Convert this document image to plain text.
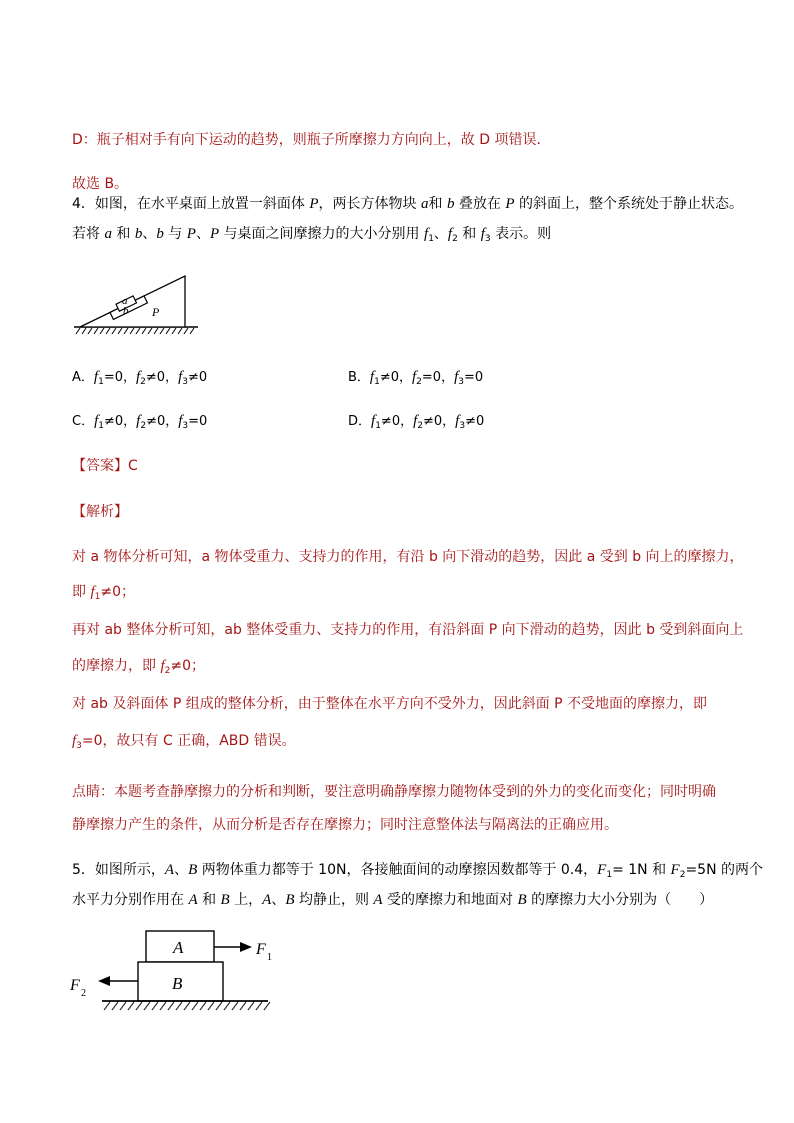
D：瓶子相对手有向下运动的趋势，则瓶子所摩擦力方向向上，故 D 项错误．
故选 B。
4．如图，在水平桌面上放置一斜面体 P，两长方体物块 a和 b 叠放在 P 的斜面上，整个系统处于静止状态。
若将 a 和 b、b 与 P、P 与桌面之间摩擦力的大小分别用 $f_1$、$f_2$ 和 $f_3$ 表示。则
a
b P
A．$f_1=0$，$f_2\ne 0$，$f_3\ne 0$	B．$f_1\ne 0$，$f_2=0$，$f_3=0$
C．$f_1\ne 0$，$f_2\ne 0$，$f_3=0$	D．$f_1\ne 0$，$f_2\ne 0$，$f_3\ne 0$
【答案】C
【解析】
对 a 物体分析可知，a 物体受重力、支持力的作用，有沿 b 向下滑动的趋势，因此 a 受到 b 向上的摩擦力，
即 $f_1\ne 0$；
再对 ab 整体分析可知，ab 整体受重力、支持力的作用，有沿斜面 P 向下滑动的趋势，因此 b 受到斜面向上
的摩擦力，即 $f_2\ne 0$；
对 ab 及斜面体 P 组成的整体分析，由于整体在水平方向不受外力，因此斜面 P 不受地面的摩擦力，即
$f_3=0$，故只有 C 正确，ABD 错误。
点睛：本题考查静摩擦力的分析和判断，要注意明确静摩擦力随物体受到的外力的变化而变化；同时明确
静摩擦力产生的条件，从而分析是否存在摩擦力；同时注意整体法与隔离法的正确应用。
5．如图所示，A、B 两物体重力都等于 10N，各接触面间的动摩擦因数都等于 0.4，$F_1= 1N$ 和 $F_2=5N$ 的两个
水平力分别作用在 A 和 B 上，A、B 均静止，则 A 受的摩擦力和地面对 B 的摩擦力大小分别为（　　）
A
B
F 1
F 2
